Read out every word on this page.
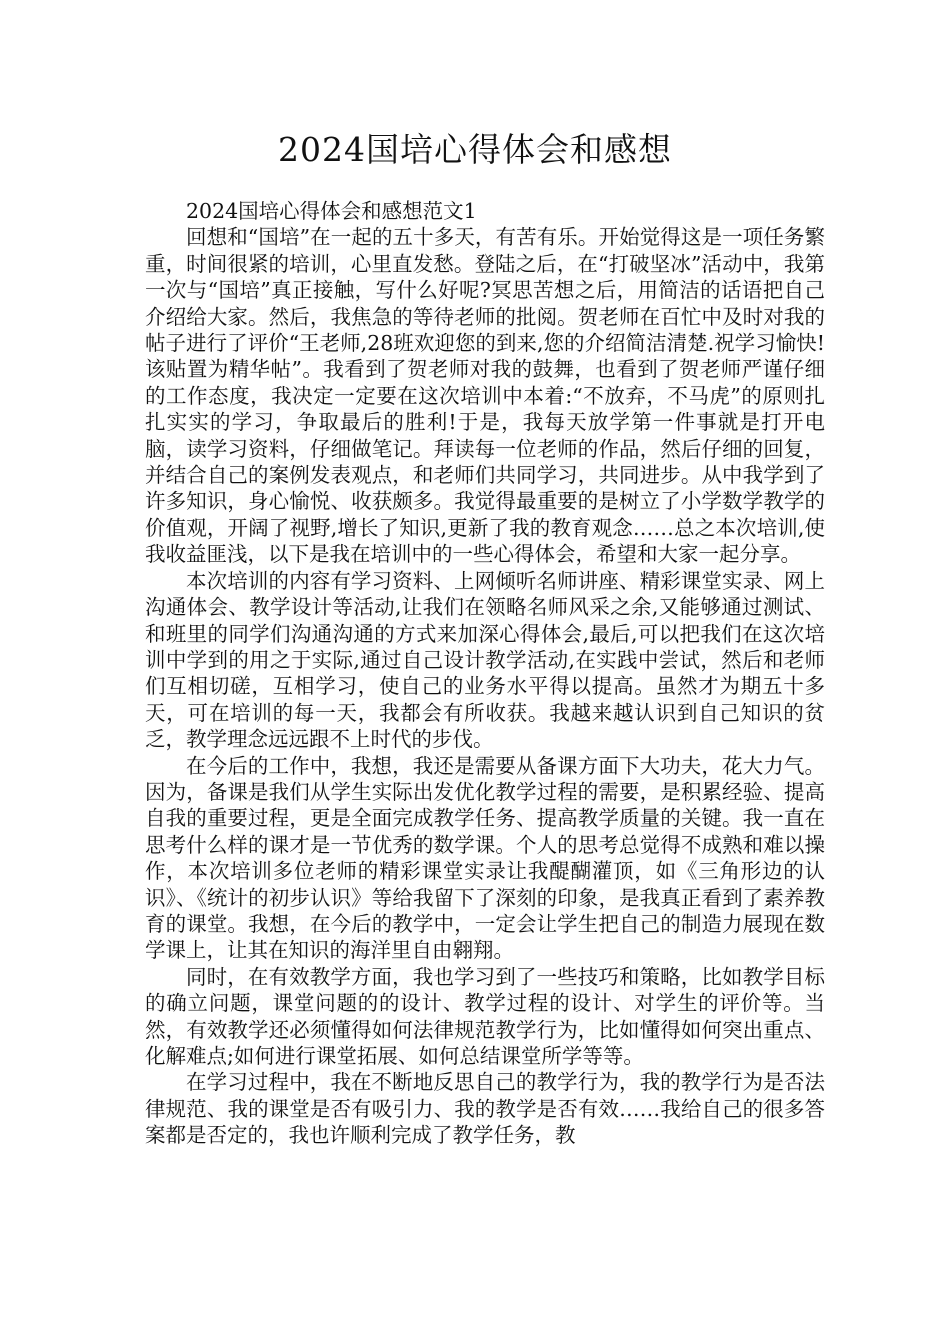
2024国培心得体会和感想

2024国培心得体会和感想范文1

回想和“国培”在一起的五十多天，有苦有乐。开始觉得这是一项任务繁重，时间很紧的培训，心里直发愁。登陆之后，在“打破坚冰”活动中，我第一次与“国培”真正接触，写什么好呢?冥思苦想之后，用简洁的话语把自己介绍给大家。然后，我焦急的等待老师的批阅。贺老师在百忙中及时对我的帖子进行了评价“王老师,28班欢迎您的到来,您的介绍简洁清楚.祝学习愉快!该贴置为精华帖”。我看到了贺老师对我的鼓舞，也看到了贺老师严谨仔细的工作态度，我决定一定要在这次培训中本着:“不放弃，不马虎”的原则扎扎实实的学习，争取最后的胜利!于是，我每天放学第一件事就是打开电脑，读学习资料，仔细做笔记。拜读每一位老师的作品，然后仔细的回复，并结合自己的案例发表观点，和老师们共同学习，共同进步。从中我学到了许多知识，身心愉悦、收获颇多。我觉得最重要的是树立了小学数学教学的价值观，开阔了视野,增长了知识,更新了我的教育观念……总之本次培训,使我收益匪浅，以下是我在培训中的一些心得体会，希望和大家一起分享。

本次培训的内容有学习资料、上网倾听名师讲座、精彩课堂实录、网上沟通体会、教学设计等活动,让我们在领略名师风采之余,又能够通过测试、和班里的同学们沟通沟通的方式来加深心得体会,最后,可以把我们在这次培训中学到的用之于实际,通过自己设计教学活动,在实践中尝试，然后和老师们互相切磋，互相学习，使自己的业务水平得以提高。虽然才为期五十多天，可在培训的每一天，我都会有所收获。我越来越认识到自己知识的贫乏，教学理念远远跟不上时代的步伐。

在今后的工作中，我想，我还是需要从备课方面下大功夫，花大力气。因为，备课是我们从学生实际出发优化教学过程的需要，是积累经验、提高自我的重要过程，更是全面完成教学任务、提高教学质量的关键。我一直在思考什么样的课才是一节优秀的数学课。个人的思考总觉得不成熟和难以操作，本次培训多位老师的精彩课堂实录让我醍醐灌顶，如《三角形边的认识》、《统计的初步认识》等给我留下了深刻的印象，是我真正看到了素养教育的课堂。我想，在今后的教学中，一定会让学生把自己的制造力展现在数学课上，让其在知识的海洋里自由翱翔。

同时，在有效教学方面，我也学习到了一些技巧和策略，比如教学目标的确立问题，课堂问题的的设计、教学过程的设计、对学生的评价等。当然，有效教学还必须懂得如何法律规范教学行为，比如懂得如何突出重点、化解难点;如何进行课堂拓展、如何总结课堂所学等等。

在学习过程中，我在不断地反思自己的教学行为，我的教学行为是否法律规范、我的课堂是否有吸引力、我的教学是否有效……我给自己的很多答案都是否定的，我也许顺利完成了教学任务，教
